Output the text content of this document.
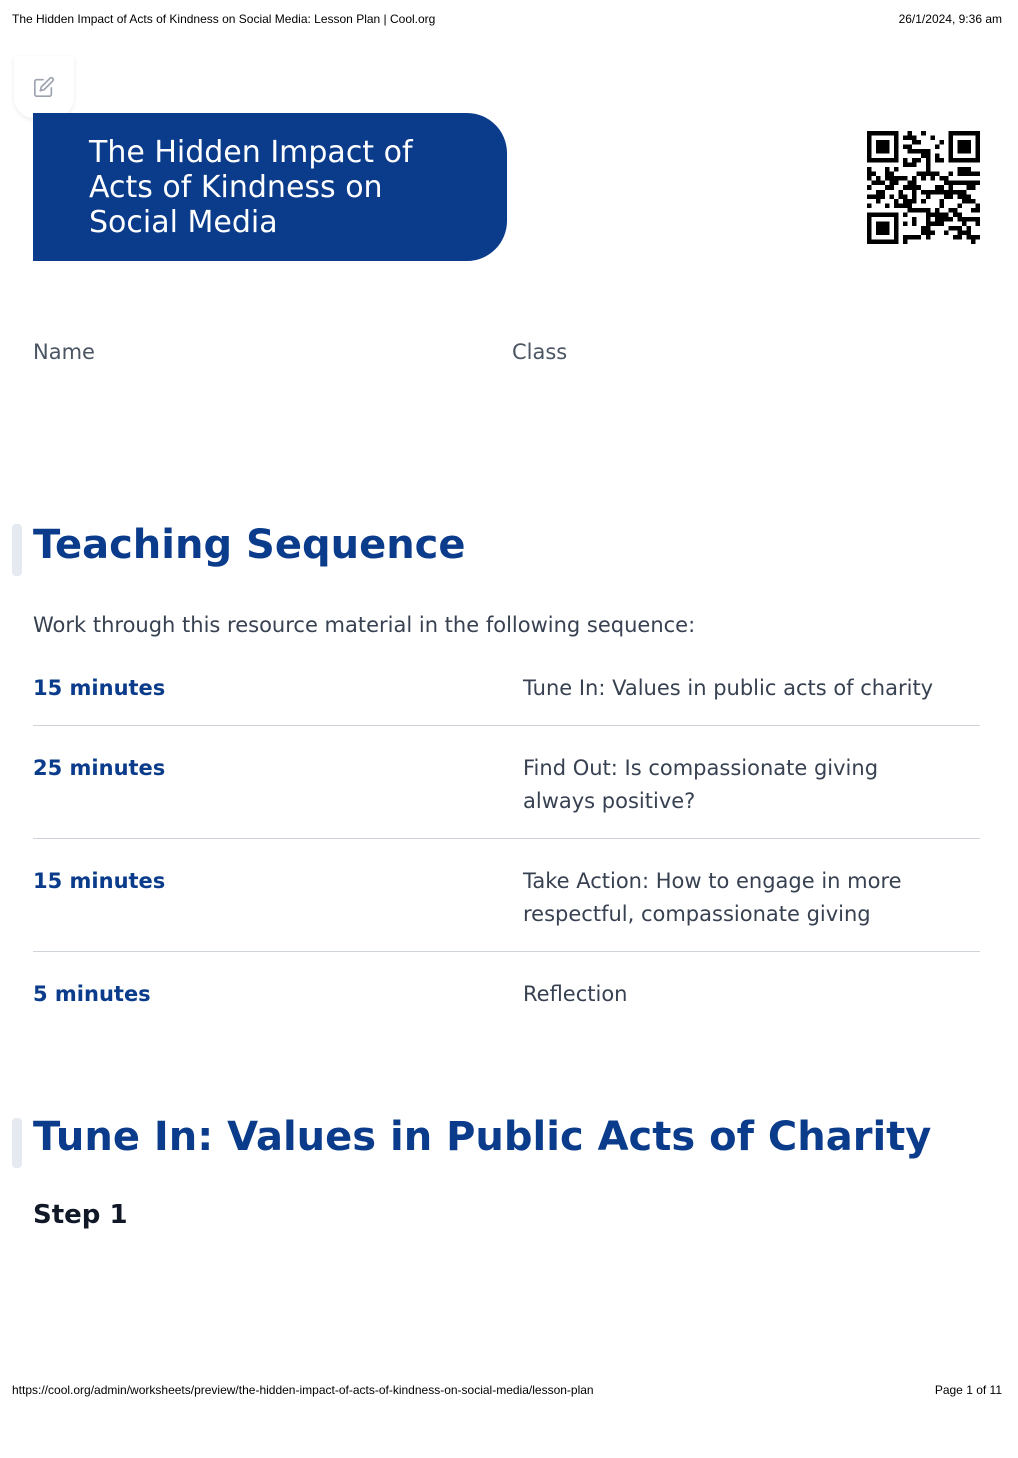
The Hidden Impact of Acts of Kindness on Social Media: Lesson Plan | Cool.org	26/1/2024, 9:36 am
The Hidden Impact of
Acts of Kindness on
Social Media
Name	Class
Teaching Sequence
Work through this resource material in the following sequence:
15 minutes	Tune In: Values in public acts of charity
25 minutes	Find Out: Is compassionate giving always positive?
15 minutes	Take Action: How to engage in more respectful, compassionate giving
5 minutes	Reflection
Tune In: Values in Public Acts of Charity
Step 1
https://cool.org/admin/worksheets/preview/the-hidden-impact-of-acts-of-kindness-on-social-media/lesson-plan	Page 1 of 11
